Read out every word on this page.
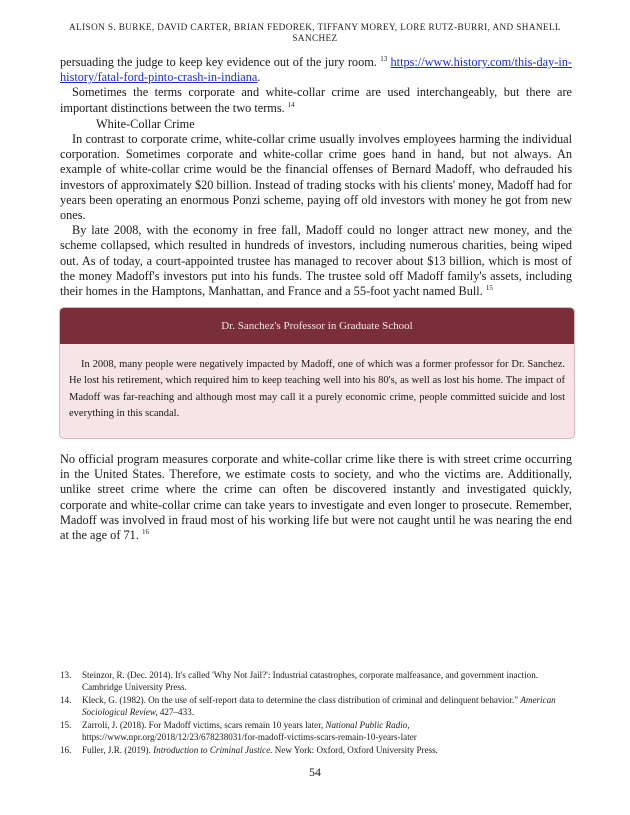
ALISON S. BURKE, DAVID CARTER, BRIAN FEDOREK, TIFFANY MOREY, LORE RUTZ-BURRI, AND SHANELL SANCHEZ

persuading the judge to keep key evidence out of the jury room. $^{13}$ https://www.history.com/this-day-in-history/fatal-ford-pinto-crash-in-indiana.

Sometimes the terms corporate and white-collar crime are used interchangeably, but there are important distinctions between the two terms. $^{14}$

White-Collar Crime

In contrast to corporate crime, white-collar crime usually involves employees harming the individual corporation. Sometimes corporate and white-collar crime goes hand in hand, but not always. An example of white-collar crime would be the financial offenses of Bernard Madoff, who defrauded his investors of approximately $20 billion. Instead of trading stocks with his clients' money, Madoff had for years been operating an enormous Ponzi scheme, paying off old investors with money he got from new ones.

By late 2008, with the economy in free fall, Madoff could no longer attract new money, and the scheme collapsed, which resulted in hundreds of investors, including numerous charities, being wiped out. As of today, a court-appointed trustee has managed to recover about $13 billion, which is most of the money Madoff's investors put into his funds. The trustee sold off Madoff family's assets, including their homes in the Hamptons, Manhattan, and France and a 55-foot yacht named Bull. $^{15}$

Dr. Sanchez's Professor in Graduate School
In 2008, many people were negatively impacted by Madoff, one of which was a former professor for Dr. Sanchez. He lost his retirement, which required him to keep teaching well into his 80's, as well as lost his home. The impact of Madoff was far-reaching and although most may call it a purely economic crime, people committed suicide and lost everything in this scandal.

No official program measures corporate and white-collar crime like there is with street crime occurring in the United States. Therefore, we estimate costs to society, and who the victims are. Additionally, unlike street crime where the crime can often be discovered instantly and investigated quickly, corporate and white-collar crime can take years to investigate and even longer to prosecute. Remember, Madoff was involved in fraud most of his working life but were not caught until he was nearing the end at the age of 71. $^{16}$

13.	Steinzor, R. (Dec. 2014). It's called 'Why Not Jail?': Industrial catastrophes, corporate malfeasance, and government inaction. Cambridge University Press.
14.	Kleck, G. (1982). On the use of self-report data to determine the class distribution of criminal and delinquent behavior." American Sociological Review, 427–433.
15.	Zarroli, J. (2018). For Madoff victims, scars remain 10 years later, National Public Radio, https://www.npr.org/2018/12/23/678238031/for-madoff-victims-scars-remain-10-years-later
16.	Fuller, J.R. (2019). Introduction to Criminal Justice. New York: Oxford, Oxford University Press.
54
